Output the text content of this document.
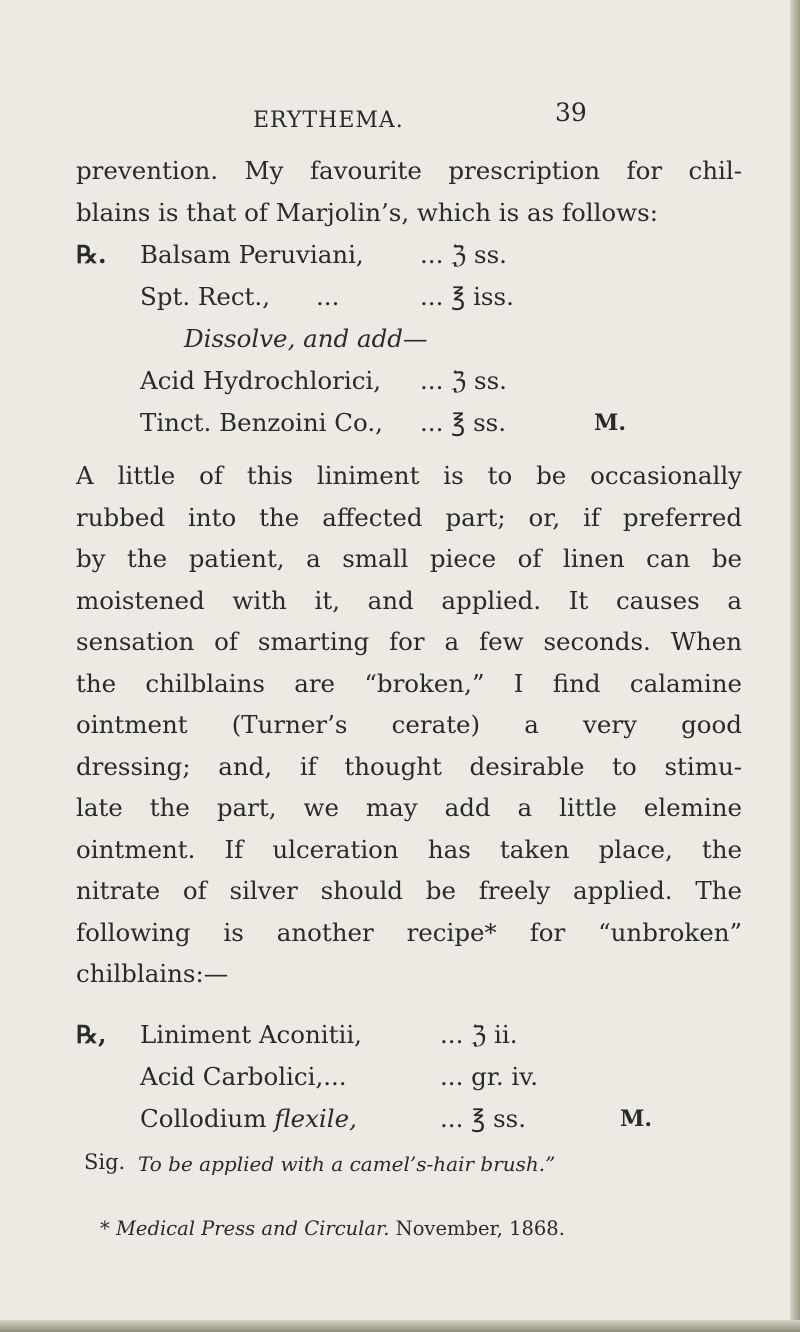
ERYTHEMA.	39
prevention. My favourite prescription for chil-
blains is that of Marjolin’s, which is as follows:
℞. Balsam Peruviani, ... ℨ ss.
Spt. Rect., ...	... ℥ iss.
Dissolve, and add—
Acid Hydrochlorici, ... ℨ ss.
Tinct. Benzoini Co., ... ℥ ss.	M.
A little of this liniment is to be occasionally
rubbed into the affected part; or, if preferred
by the patient, a small piece of linen can be
moistened with it, and applied. It causes a
sensation of smarting for a few seconds. When
the chilblains are “broken,” I find calamine
ointment (Turner’s cerate) a very good
dressing; and, if thought desirable to stimu-
late the part, we may add a little elemine
ointment. If ulceration has taken place, the
nitrate of silver should be freely applied. The
following is another recipe* for “unbroken”
chilblains:—
℞, Liniment Aconitii,	... ℨ ii.
Acid Carbolici,...	... gr. iv.
Collodium flexile,	... ℥ ss.	M.
Sig. To be applied with a camel’s-hair brush.”
* Medical Press and Circular. November, 1868.
